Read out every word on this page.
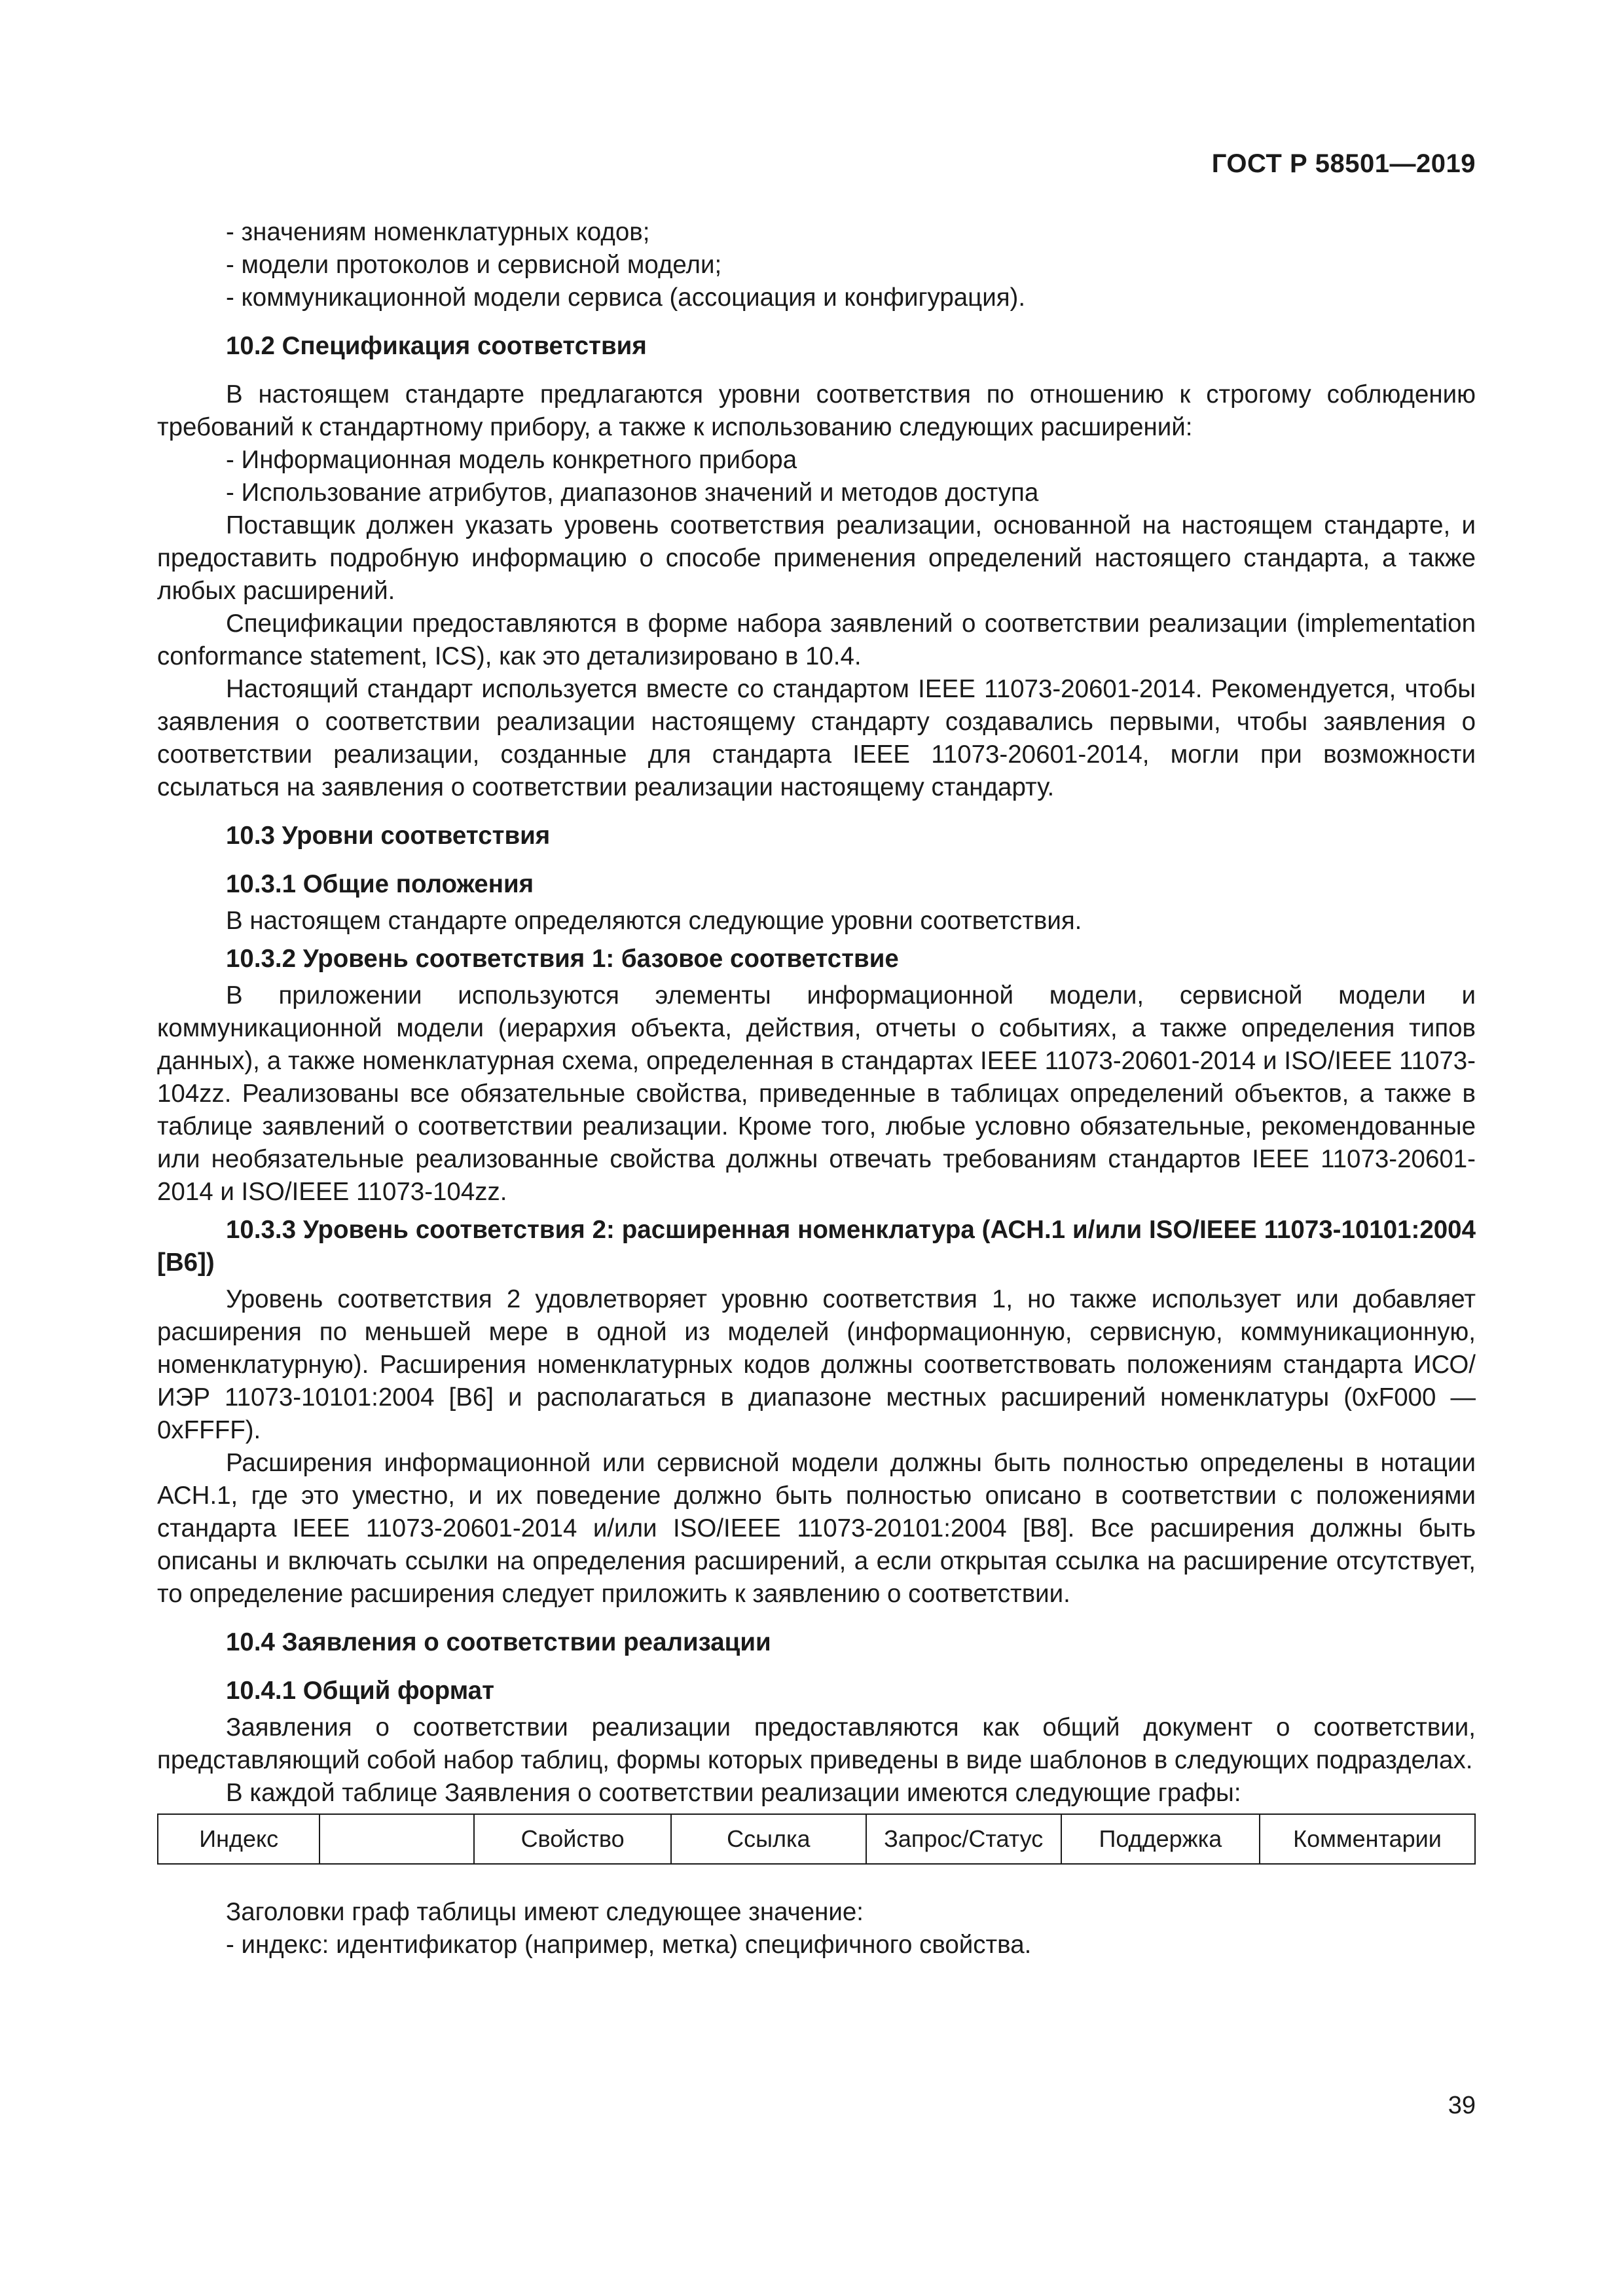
ГОСТ Р 58501—2019
- значениям номенклатурных кодов;
- модели протоколов и сервисной модели;
- коммуникационной модели сервиса (ассоциация и конфигурация).
10.2 Спецификация соответствия

В настоящем стандарте предлагаются уровни соответствия по отношению к строгому соблюдению требований к стандартному прибору, а также к использованию следующих расширений:

- Информационная модель конкретного прибора
- Использование атрибутов, диапазонов значений и методов доступа

Поставщик должен указать уровень соответствия реализации, основанной на настоящем стандарте, и предоставить подробную информацию о способе применения определений настоящего стандарта, а также любых расширений.

Спецификации предоставляются в форме набора заявлений о соответствии реализации (implementation conformance statement, ICS), как это детализировано в 10.4.

Настоящий стандарт используется вместе со стандартом IEEE 11073-20601-2014. Рекомендуется, чтобы заявления о соответствии реализации настоящему стандарту создавались первыми, чтобы заявления о соответствии реализации, созданные для стандарта IEEE 11073-20601-2014, могли при возможности ссылаться на заявления о соответствии реализации настоящему стандарту.

10.3 Уровни соответствия
10.3.1 Общие положения

В настоящем стандарте определяются следующие уровни соответствия.

10.3.2 Уровень соответствия 1: базовое соответствие

В приложении используются элементы информационной модели, сервисной модели и коммуникационной модели (иерархия объекта, действия, отчеты о событиях, а также определения типов данных), а также номенклатурная схема, определенная в стандартах IEEE 11073-20601-2014 и ISO/IEEE 11073-104zz. Реализованы все обязательные свойства, приведенные в таблицах определений объектов, а также в таблице заявлений о соответствии реализации. Кроме того, любые условно обязательные, рекомендованные или необязательные реализованные свойства должны отвечать требованиям стандартов IEEE 11073-20601-2014 и ISO/IEEE 11073-104zz.

10.3.3 Уровень соответствия 2: расширенная номенклатура (АСН.1 и/или ISO/IEEE 11073-10101:2004 [B6])

Уровень соответствия 2 удовлетворяет уровню соответствия 1, но также использует или добавляет расширения по меньшей мере в одной из моделей (информационную, сервисную, коммуникационную, номенклатурную). Расширения номенклатурных кодов должны соответствовать положениям стандарта ИСО/ИЭР 11073-10101:2004 [B6] и располагаться в диапазоне местных расширений номенклатуры (0xF000 — 0xFFFF).

Расширения информационной или сервисной модели должны быть полностью определены в нотации АСН.1, где это уместно, и их поведение должно быть полностью описано в соответствии с положениями стандарта IEEE 11073-20601-2014 и/или ISO/IEEE 11073-20101:2004 [B8]. Все расширения должны быть описаны и включать ссылки на определения расширений, а если открытая ссылка на расширение отсутствует, то определение расширения следует приложить к заявлению о соответствии.

10.4 Заявления о соответствии реализации
10.4.1 Общий формат

Заявления о соответствии реализации предоставляются как общий документ о соответствии, представляющий собой набор таблиц, формы которых приведены в виде шаблонов в следующих подразделах.

В каждой таблице Заявления о соответствии реализации имеются следующие графы:

Индекс		Свойство	Ссылка	Запрос/Статус	Поддержка	Комментарии

Заголовки граф таблицы имеют следующее значение:

- индекс: идентификатор (например, метка) специфичного свойства.
39
